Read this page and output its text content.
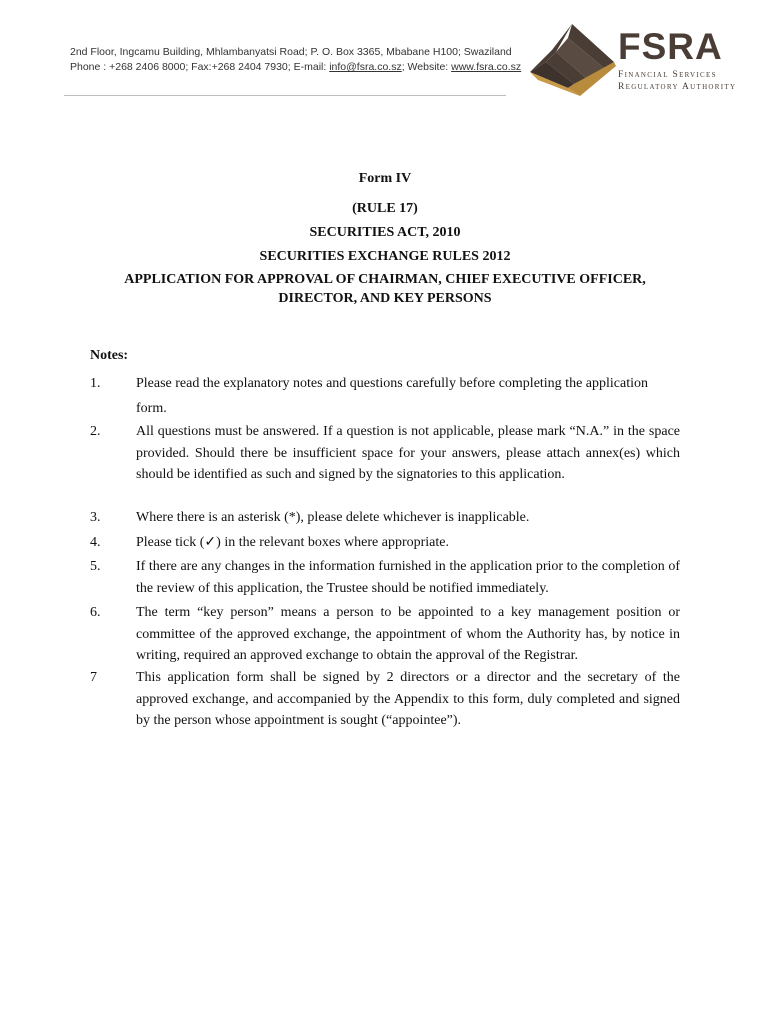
2nd Floor, Ingcamu Building, Mhlambanyatsi Road; P. O. Box 3365, Mbabane H100; Swaziland
Phone : +268 2406 8000; Fax:+268 2404 7930; E-mail: info@fsra.co.sz; Website: www.fsra.co.sz	FSRA
Financial Services
Regulatory Authority
Form IV
(RULE 17)
SECURITIES ACT, 2010
SECURITIES EXCHANGE RULES 2012
APPLICATION FOR APPROVAL OF CHAIRMAN, CHIEF EXECUTIVE OFFICER,
DIRECTOR, AND KEY PERSONS
Notes:
1.	Please read the explanatory notes and questions carefully before completing the application form.
2.	All questions must be answered. If a question is not applicable, please mark “N.A.” in the space provided. Should there be insufficient space for your answers, please attach annex(es) which should be identified as such and signed by the signatories to this application.
3.	Where there is an asterisk (*), please delete whichever is inapplicable.
4.	Please tick (✓) in the relevant boxes where appropriate.
5.	If there are any changes in the information furnished in the application prior to the completion of the review of this application, the Trustee should be notified immediately.
6.	The term “key person” means a person to be appointed to a key management position or committee of the approved exchange, the appointment of whom the Authority has, by notice in writing, required an approved exchange to obtain the approval of the Registrar.
7	This application form shall be signed by 2 directors or a director and the secretary of the approved exchange, and accompanied by the Appendix to this form, duly completed and signed by the person whose appointment is sought (“appointee”).
